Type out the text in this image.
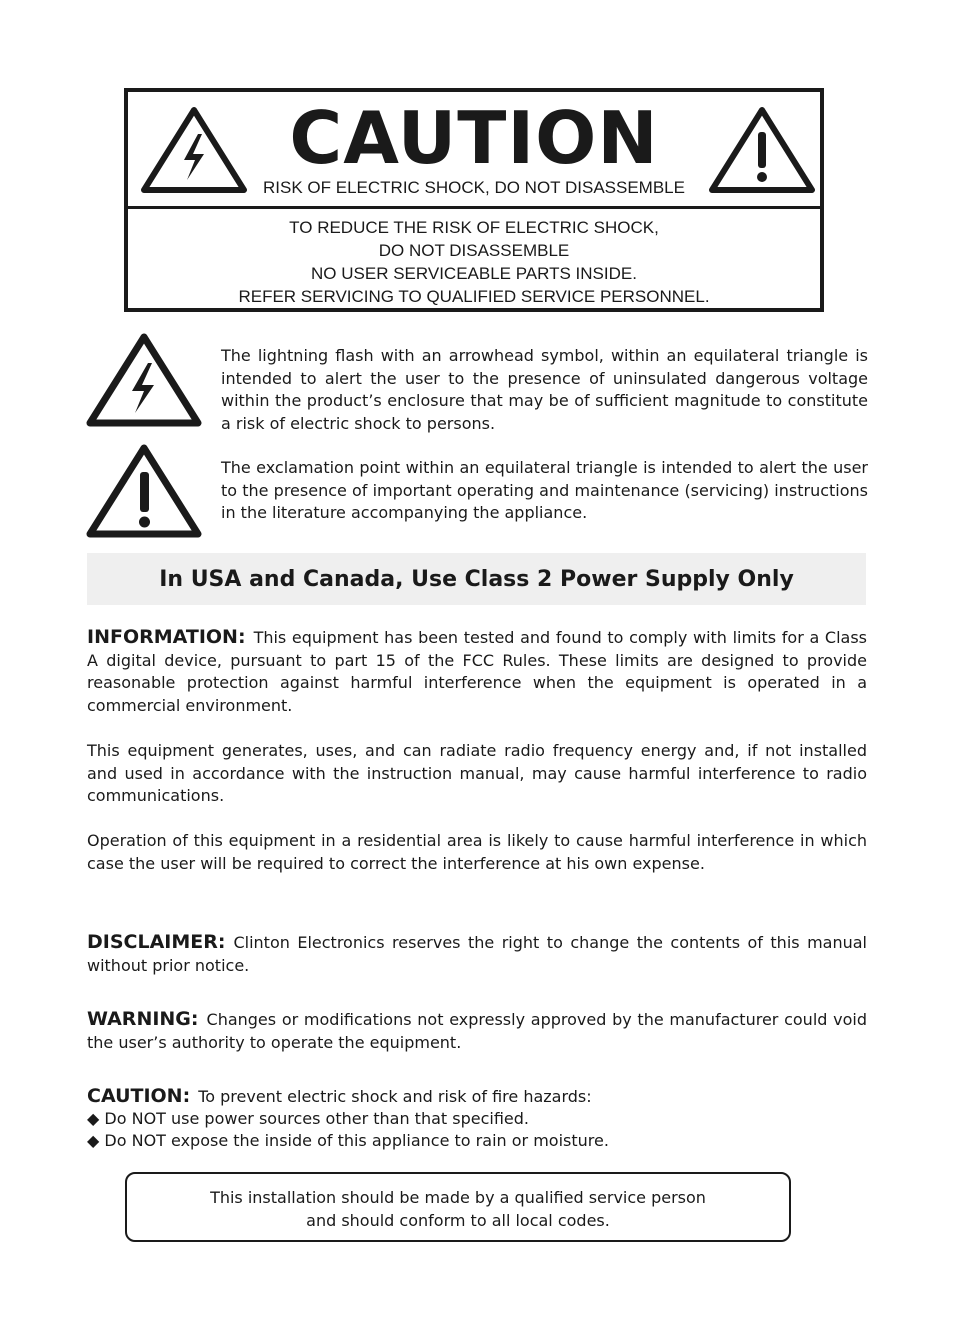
CAUTION
RISK OF ELECTRIC SHOCK, DO NOT DISASSEMBLE
TO REDUCE THE RISK OF ELECTRIC SHOCK,
DO NOT DISASSEMBLE
NO USER SERVICEABLE PARTS INSIDE.
REFER SERVICING TO QUALIFIED SERVICE PERSONNEL.
The lightning flash with an arrowhead symbol, within an equilateral triangle is intended to alert the user to the presence of uninsulated dangerous voltage within the product’s enclosure that may be of sufficient magnitude to constitute a risk of electric shock to persons.
The exclamation point within an equilateral triangle is intended to alert the user to the presence of important operating and maintenance (servicing) instructions in the literature accompanying the appliance.
In USA and Canada, Use Class 2 Power Supply Only

INFORMATION: This equipment has been tested and found to comply with limits for a Class A digital device, pursuant to part 15 of the FCC Rules. These limits are designed to provide reasonable protection against harmful interference when the equipment is operated in a commercial environment.

This equipment generates, uses, and can radiate radio frequency energy and, if not installed and used in accordance with the instruction manual, may cause harmful interference to radio communications.

Operation of this equipment in a residential area is likely to cause harmful interference in which case the user will be required to correct the interference at his own expense.

DISCLAIMER: Clinton Electronics reserves the right to change the contents of this manual without prior notice.

WARNING: Changes or modifications not expressly approved by the manufacturer could void the user’s authority to operate the equipment.

CAUTION: To prevent electric shock and risk of fire hazards:

◆ Do NOT use power sources other than that specified.
◆ Do NOT expose the inside of this appliance to rain or moisture.
This installation should be made by a qualified service person
and should conform to all local codes.
